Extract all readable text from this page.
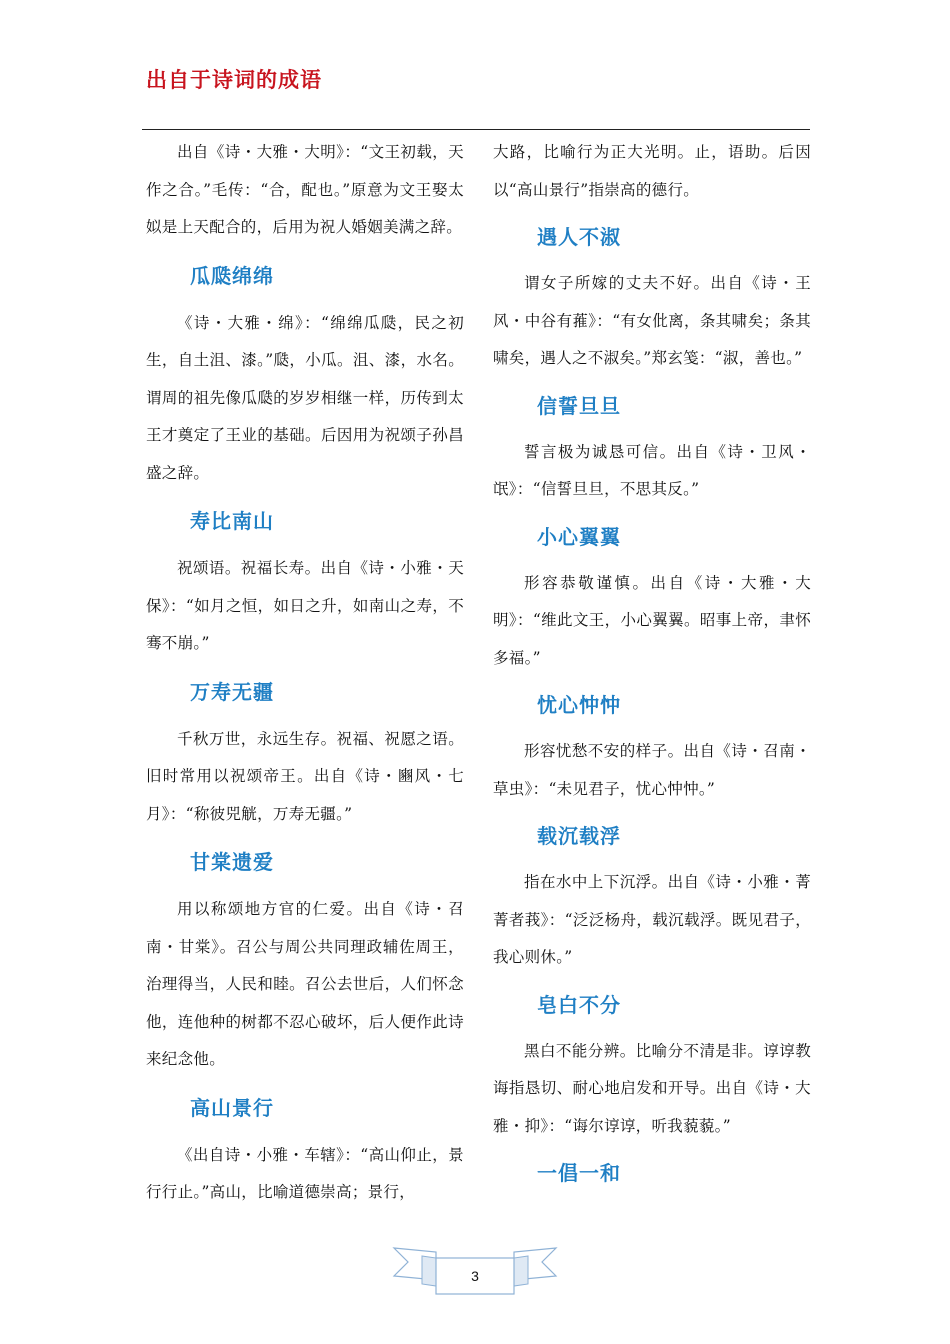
出自于诗词的成语

出自《诗・大雅・大明》：“文王初载，天作之合。”毛传：“合，配也。”原意为文王娶太姒是上天配合的，后用为祝人婚姻美满之辞。

瓜瓞绵绵

《诗・大雅・绵》：“绵绵瓜瓞，民之初生，自土沮、漆。”瓞，小瓜。沮、漆，水名。谓周的祖先像瓜瓞的岁岁相继一样，历传到太王才奠定了王业的基础。后因用为祝颂子孙昌盛之辞。

寿比南山

祝颂语。祝福长寿。出自《诗・小雅・天保》：“如月之恒，如日之升，如南山之寿，不骞不崩。”

万寿无疆

千秋万世，永远生存。祝福、祝愿之语。旧时常用以祝颂帝王。出自《诗・豳风・七月》：“称彼兕觥，万寿无疆。”

甘棠遗爱

用以称颂地方官的仁爱。出自《诗・召南・甘棠》。召公与周公共同理政辅佐周王，治理得当，人民和睦。召公去世后，人们怀念他，连他种的树都不忍心破坏，后人便作此诗来纪念他。

高山景行

《出自诗・小雅・车辖》：“高山仰止，景行行止。”高山，比喻道德崇高；景行，

大路，比喻行为正大光明。止，语助。后因以“高山景行”指崇高的德行。

遇人不淑

谓女子所嫁的丈夫不好。出自《诗・王风・中谷有蓷》：“有女仳离，条其啸矣；条其啸矣，遇人之不淑矣。”郑玄笺：“淑，善也。”

信誓旦旦

誓言极为诚恳可信。出自《诗・卫风・氓》：“信誓旦旦，不思其反。”

小心翼翼

形容恭敬谨慎。出自《诗・大雅・大明》：“维此文王，小心翼翼。昭事上帝，聿怀多福。”

忧心忡忡

形容忧愁不安的样子。出自《诗・召南・草虫》：“未见君子，忧心忡忡。”

载沉载浮

指在水中上下沉浮。出自《诗・小雅・菁菁者莪》：“泛泛杨舟，载沉载浮。既见君子，我心则休。”

皂白不分

黑白不能分辨。比喻分不清是非。谆谆教诲指恳切、耐心地启发和开导。出自《诗・大雅・抑》：“诲尔谆谆，听我藐藐。”

一倡一和
3
